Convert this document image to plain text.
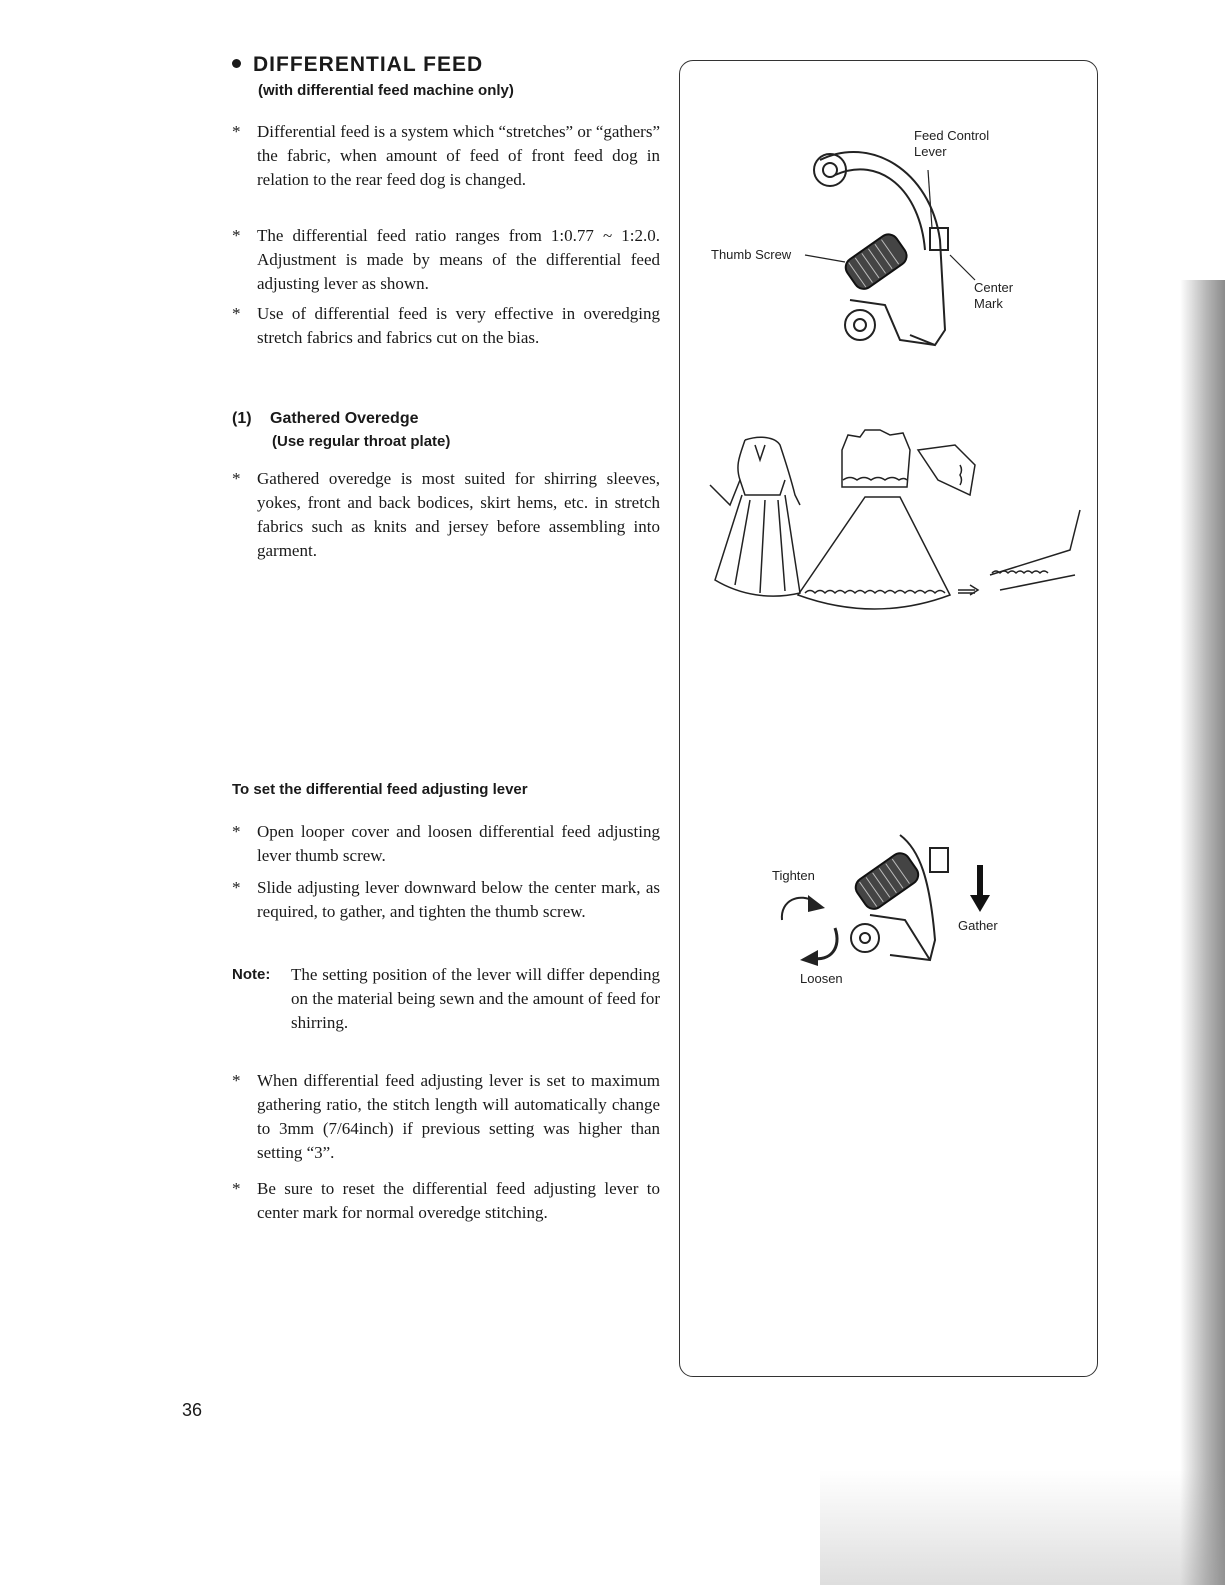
DIFFERENTIAL FEED
(with differential feed machine only)
* Differential feed is a system which “stretches” or “gathers” the fabric, when amount of feed of front feed dog in relation to the rear feed dog is changed.
* The differential feed ratio ranges from 1:0.77 ~ 1:2.0. Adjustment is made by means of the differential feed adjusting lever as shown.
* Use of differential feed is very effective in overedging stretch fabrics and fabrics cut on the bias.
(1) Gathered Overedge
(Use regular throat plate)
* Gathered overedge is most suited for shirring sleeves, yokes, front and back bodices, skirt hems, etc. in stretch fabrics such as knits and jersey before assembling into garment.
To set the differential feed adjusting lever
* Open looper cover and loosen differential feed adjusting lever thumb screw.
* Slide adjusting lever downward below the center mark, as required, to gather, and tighten the thumb screw.
Note: The setting position of the lever will differ depending on the material being sewn and the amount of feed for shirring.
* When differential feed adjusting lever is set to maximum gathering ratio, the stitch length will automatically change to 3mm (7/64inch) if previous setting was higher than setting “3”.
* Be sure to reset the differential feed adjusting lever to center mark for normal overedge stitching.
36
Feed Control
Lever
Thumb Screw
Center
Mark
Tighten
Loosen
Gather
